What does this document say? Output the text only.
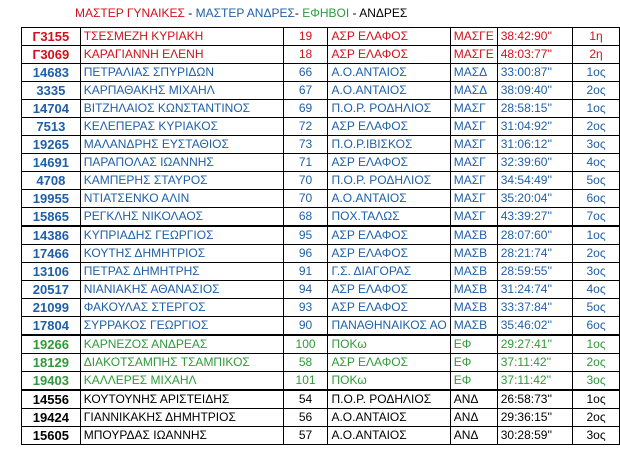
ΜΑΣΤΕΡ ΓΥΝΑΙΚΕΣ - ΜΑΣΤΕΡ ΑΝΔΡΕΣ- ΕΦΗΒΟΙ - ΑΝΔΡΕΣ
Γ3155	ΤΣΕΣΜΕΖΗ ΚΥΡΙΑΚΗ	19	ΑΣΡ ΕΛΑΦΟΣ	ΜΑΣΓΕ	38:42:90''	1η
Γ3069	ΚΑΡΑΓΙΑΝΝΗ ΕΛΕΝΗ	18	ΑΣΡ ΕΛΑΦΟΣ	ΜΑΣΓΕ	48:03:77''	2η
14683	ΠΕΤΡΑΛΙΑΣ ΣΠΥΡΙΔΩΝ	66	Α.Ο.ΑΝΤΑΙΟΣ	ΜΑΣΔ	33:00:87''	1ος
3335	ΚΑΡΠΑΘΑΚΗΣ ΜΙΧΑΗΛ	67	Α.Ο.ΑΝΤΑΙΟΣ	ΜΑΣΔ	38:09:40''	2ος
14704	ΒΙΤΖΗΛΑΙΟΣ ΚΩΝΣΤΑΝΤΙΝΟΣ	69	Π.Ο.Ρ. ΡΟΔΗΛΙΟΣ	ΜΑΣΓ	28:58:15''	1ος
7513	ΚΕΛΕΠΕΡΑΣ ΚΥΡΙΑΚΟΣ	72	ΑΣΡ ΕΛΑΦΟΣ	ΜΑΣΓ	31:04:92''	2ος
19265	ΜΑΛΑΝΔΡΗΣ ΕΥΣΤΑΘΙΟΣ	73	Π.Ο.Ρ.ΙΒΙΣΚΟΣ	ΜΑΣΓ	31:06:12''	3ος
14691	ΠΑΡΑΠΟΛΑΣ ΙΩΑΝΝΗΣ	71	ΑΣΡ ΕΛΑΦΟΣ	ΜΑΣΓ	32:39:60''	4ος
4708	ΚΑΜΠΕΡΗΣ ΣΤΑΥΡΟΣ	70	Π.Ο.Ρ. ΡΟΔΗΛΙΟΣ	ΜΑΣΓ	34:54:49''	5ος
19955	ΝΤΙΑΤΣΕΝΚΟ ΑΛΙΝ	70	Α.Ο.ΑΝΤΑΙΟΣ	ΜΑΣΓ	35:20:04''	6ος
15865	ΡΕΓΚΛΗΣ ΝΙΚΟΛΑΟΣ	68	ΠΟΧ.ΤΑΛΩΣ	ΜΑΣΓ	43:39:27''	7ος
14386	ΚΥΠΡΙΑΔΗΣ ΓΕΩΡΓΙΟΣ	95	ΑΣΡ ΕΛΑΦΟΣ	ΜΑΣΒ	28:07:60''	1ος
17466	ΚΟΥΤΗΣ ΔΗΜΗΤΡΙΟΣ	96	ΑΣΡ ΕΛΑΦΟΣ	ΜΑΣΒ	28:21:74''	2ος
13106	ΠΕΤΡΑΣ ΔΗΜΗΤΡΗΣ	91	Γ.Σ. ΔΙΑΓΟΡΑΣ	ΜΑΣΒ	28:59:55''	3ος
20517	ΝΙΑΝΙΑΚΗΣ ΑΘΑΝΑΣΙΟΣ	94	ΑΣΡ ΕΛΑΦΟΣ	ΜΑΣΒ	31:24:74''	4ος
21099	ΦΑΚΟΥΛΑΣ ΣΤΕΡΓΟΣ	93	ΑΣΡ ΕΛΑΦΟΣ	ΜΑΣΒ	33:37:84''	5ος
17804	ΣΥΡΡΑΚΟΣ ΓΕΩΡΓΙΟΣ	90	ΠΑΝΑΘΗΝΑΙΚΟΣ ΑΟ	ΜΑΣΒ	35:46:02''	6ος
19266	ΚΑΡΝΕΖΟΣ ΑΝΔΡΕΑΣ	100	ΠΟΚω	ΕΦ	29:27:41''	1ος
18129	ΔΙΑΚΟΤΣΑΜΠΗΣ ΤΣΑΜΠΙΚΟΣ	58	ΑΣΡ ΕΛΑΦΟΣ	ΕΦ	37:11:42''	2ος
19403	ΚΑΛΛΕΡΕΣ ΜΙΧΑΗΛ	101	ΠΟΚω	ΕΦ	37:11:42''	3ος
14556	ΚΟΥΤΟΥΝΗΣ ΑΡΙΣΤΕΙΔΗΣ	54	Π.Ο.Ρ. ΡΟΔΗΛΙΟΣ	ΑΝΔ	26:58:73''	1ος
19424	ΓΙΑΝΝΙΚΑΚΗΣ ΔΗΜΗΤΡΙΟΣ	56	Α.Ο.ΑΝΤΑΙΟΣ	ΑΝΔ	29:36:15''	2ος
15605	ΜΠΟΥΡΔΑΣ ΙΩΑΝΝΗΣ	57	Α.Ο.ΑΝΤΑΙΟΣ	ΑΝΔ	30:28:59''	3ος
